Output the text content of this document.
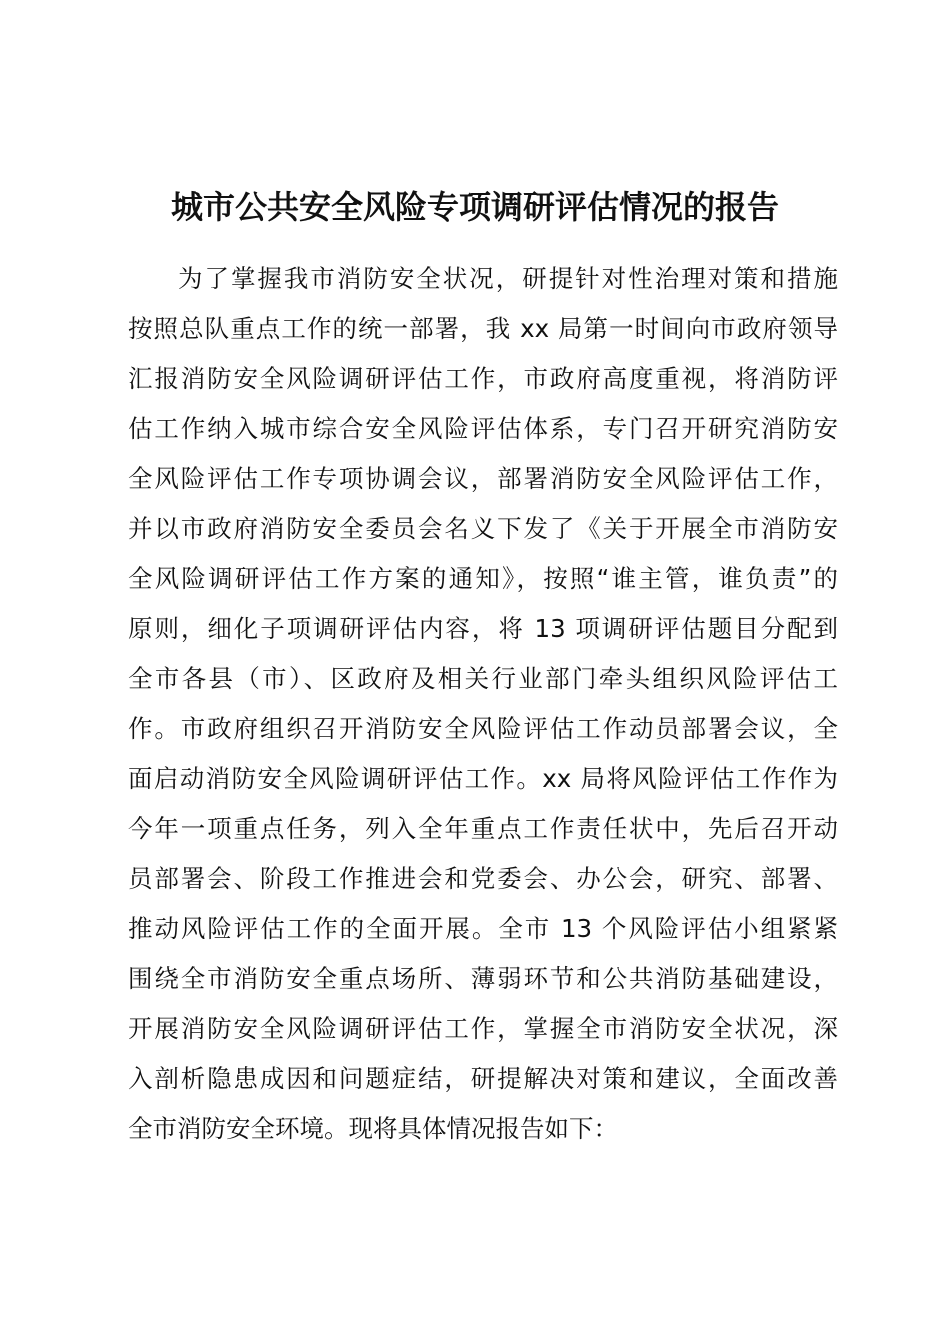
城市公共安全风险专项调研评估情况的报告
为了掌握我市消防安全状况，研提针对性治理对策和措施
按照总队重点工作的统一部署，我 xx 局第一时间向市政府领导
汇报消防安全风险调研评估工作，市政府高度重视，将消防评
估工作纳入城市综合安全风险评估体系，专门召开研究消防安
全风险评估工作专项协调会议，部署消防安全风险评估工作，
并以市政府消防安全委员会名义下发了《关于开展全市消防安
全风险调研评估工作方案的通知》，按照“谁主管，谁负责”的
原则，细化子项调研评估内容，将 13 项调研评估题目分配到
全市各县（市）、区政府及相关行业部门牵头组织风险评估工
作。市政府组织召开消防安全风险评估工作动员部署会议，全
面启动消防安全风险调研评估工作。xx 局将风险评估工作作为
今年一项重点任务，列入全年重点工作责任状中，先后召开动
员部署会、阶段工作推进会和党委会、办公会，研究、部署、
推动风险评估工作的全面开展。全市 13 个风险评估小组紧紧
围绕全市消防安全重点场所、薄弱环节和公共消防基础建设，
开展消防安全风险调研评估工作，掌握全市消防安全状况，深
入剖析隐患成因和问题症结，研提解决对策和建议，全面改善
全市消防安全环境。现将具体情况报告如下：
